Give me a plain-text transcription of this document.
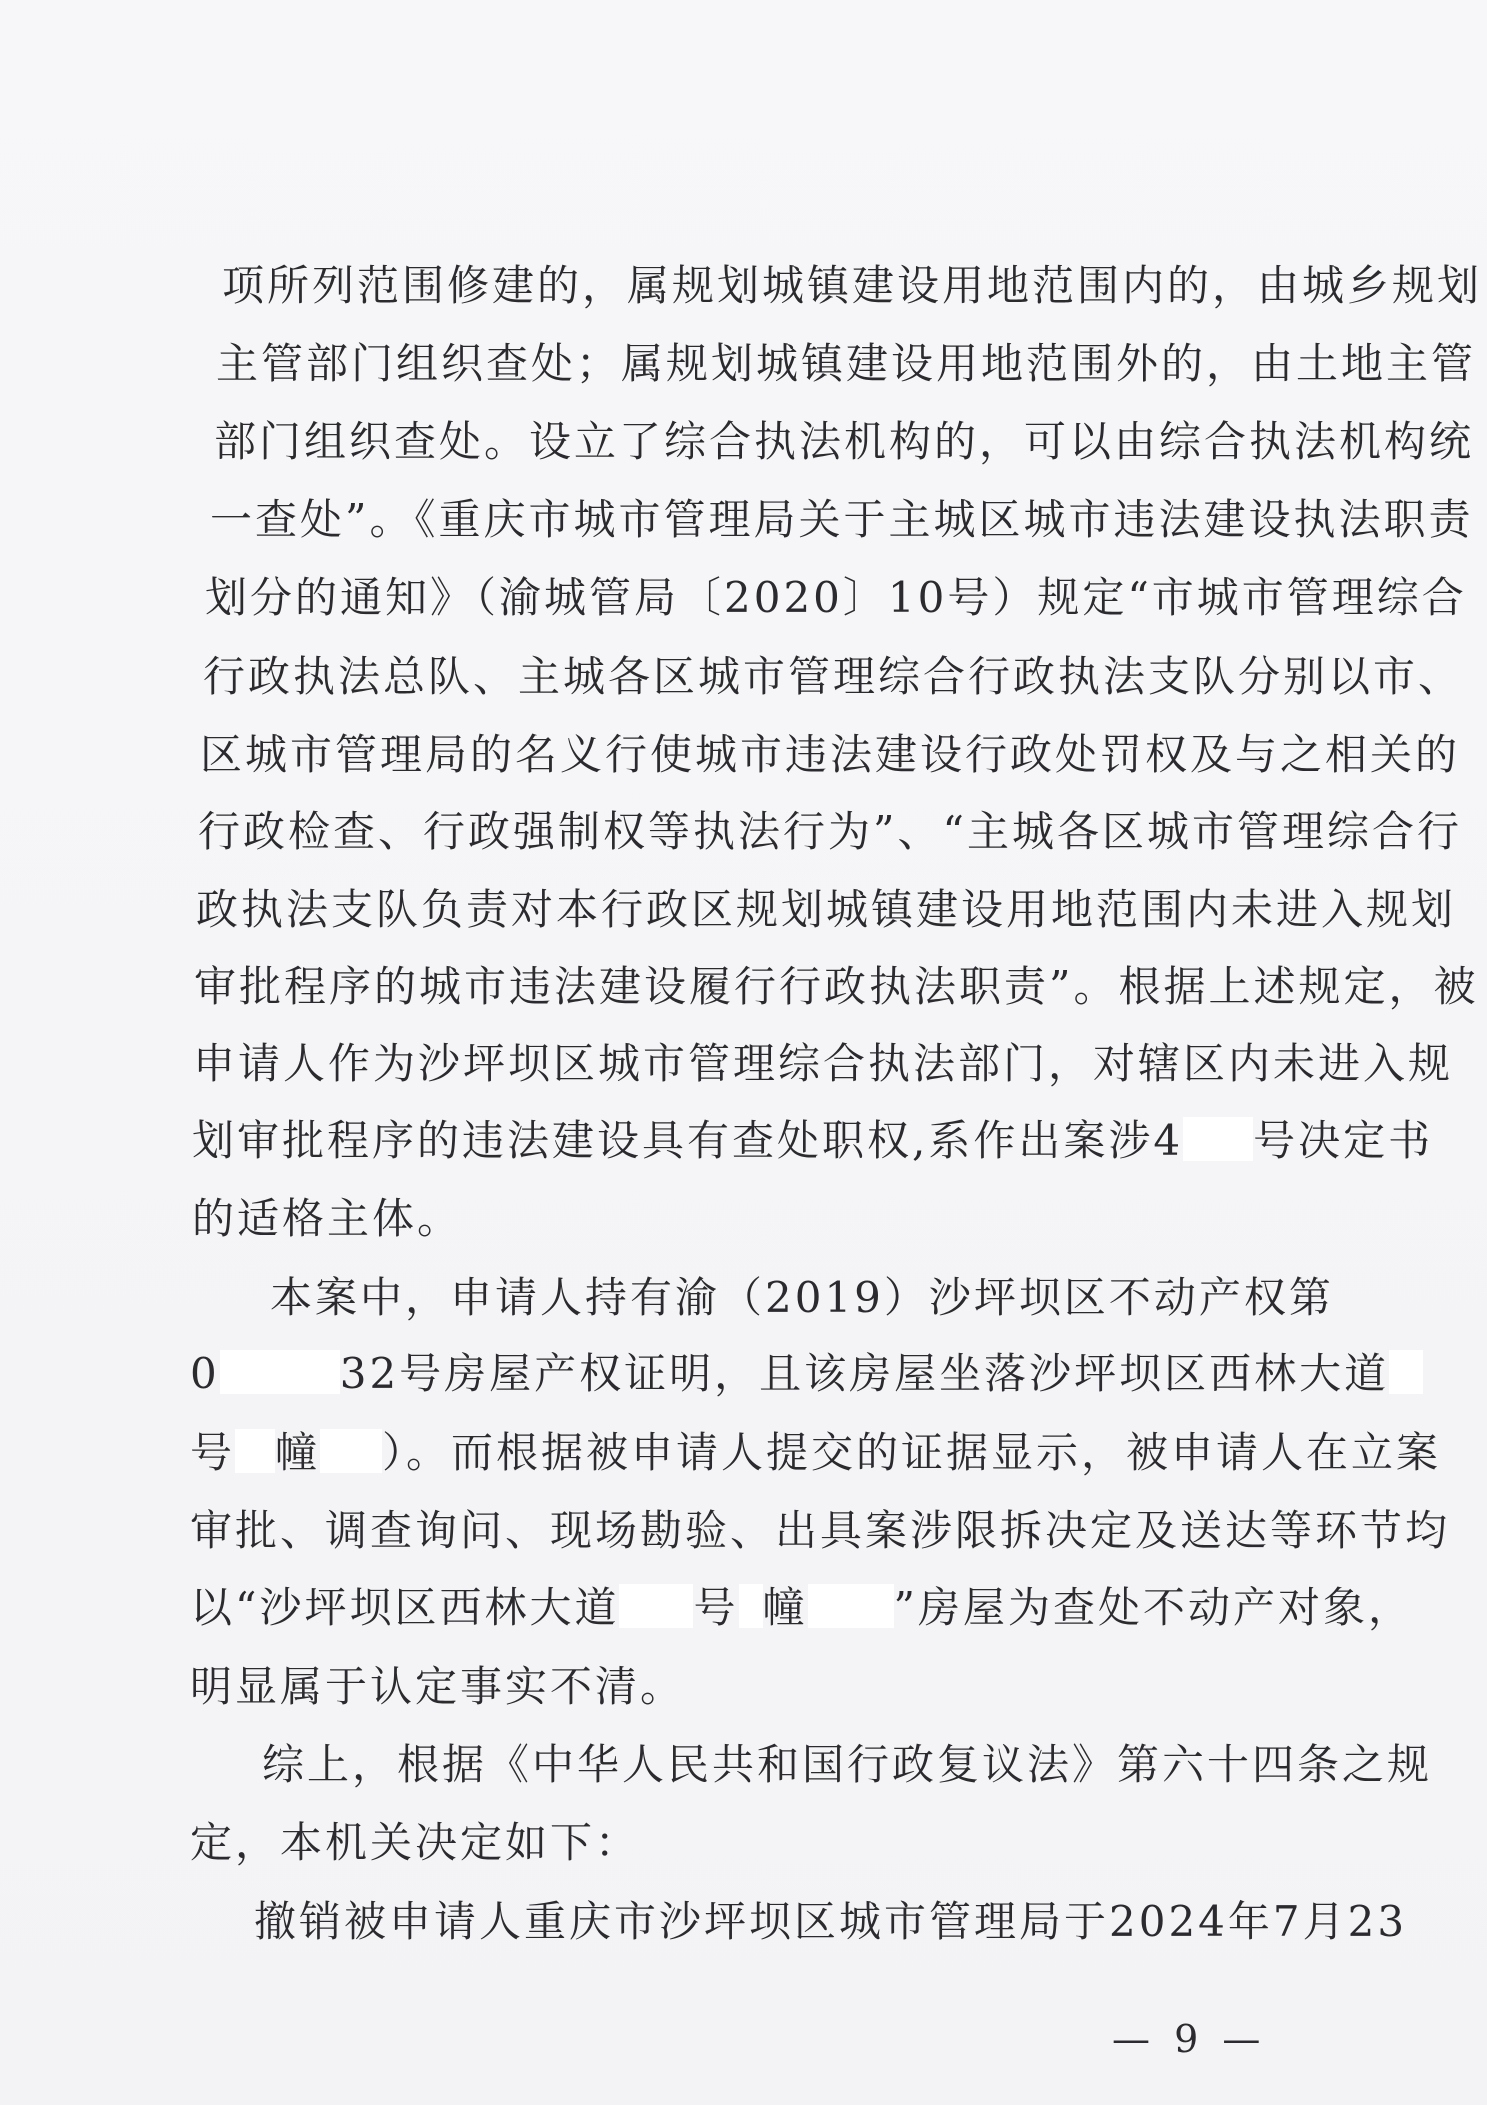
项所列范围修建的，属规划城镇建设用地范围内的，由城乡规划
主管部门组织查处；属规划城镇建设用地范围外的，由土地主管
部门组织查处。设立了综合执法机构的，可以由综合执法机构统
一查处”。《重庆市城市管理局关于主城区城市违法建设执法职责
划分的通知》（渝城管局〔2020〕10号）规定“市城市管理综合
行政执法总队、主城各区城市管理综合行政执法支队分别以市、
区城市管理局的名义行使城市违法建设行政处罚权及与之相关的
行政检查、行政强制权等执法行为”、“主城各区城市管理综合行
政执法支队负责对本行政区规划城镇建设用地范围内未进入规划
审批程序的城市违法建设履行行政执法职责”。根据上述规定，被
申请人作为沙坪坝区城市管理综合执法部门，对辖区内未进入规
划审批程序的违法建设具有查处职权,系作出案涉4 号决定书
的适格主体。
本案中，申请人持有渝（2019）沙坪坝区不动产权第
0	32号房屋产权证明，且该房屋坐落沙坪坝区西林大道
号 幢 ）。而根据被申请人提交的证据显示，被申请人在立案
审批、调查询问、现场勘验、出具案涉限拆决定及送达等环节均
以“沙坪坝区西林大道 号 幢 ”房屋为查处不动产对象，
明显属于认定事实不清。
综上，根据《中华人民共和国行政复议法》第六十四条之规
定，本机关决定如下：
撤销被申请人重庆市沙坪坝区城市管理局于2024年7月23
— 9 —
